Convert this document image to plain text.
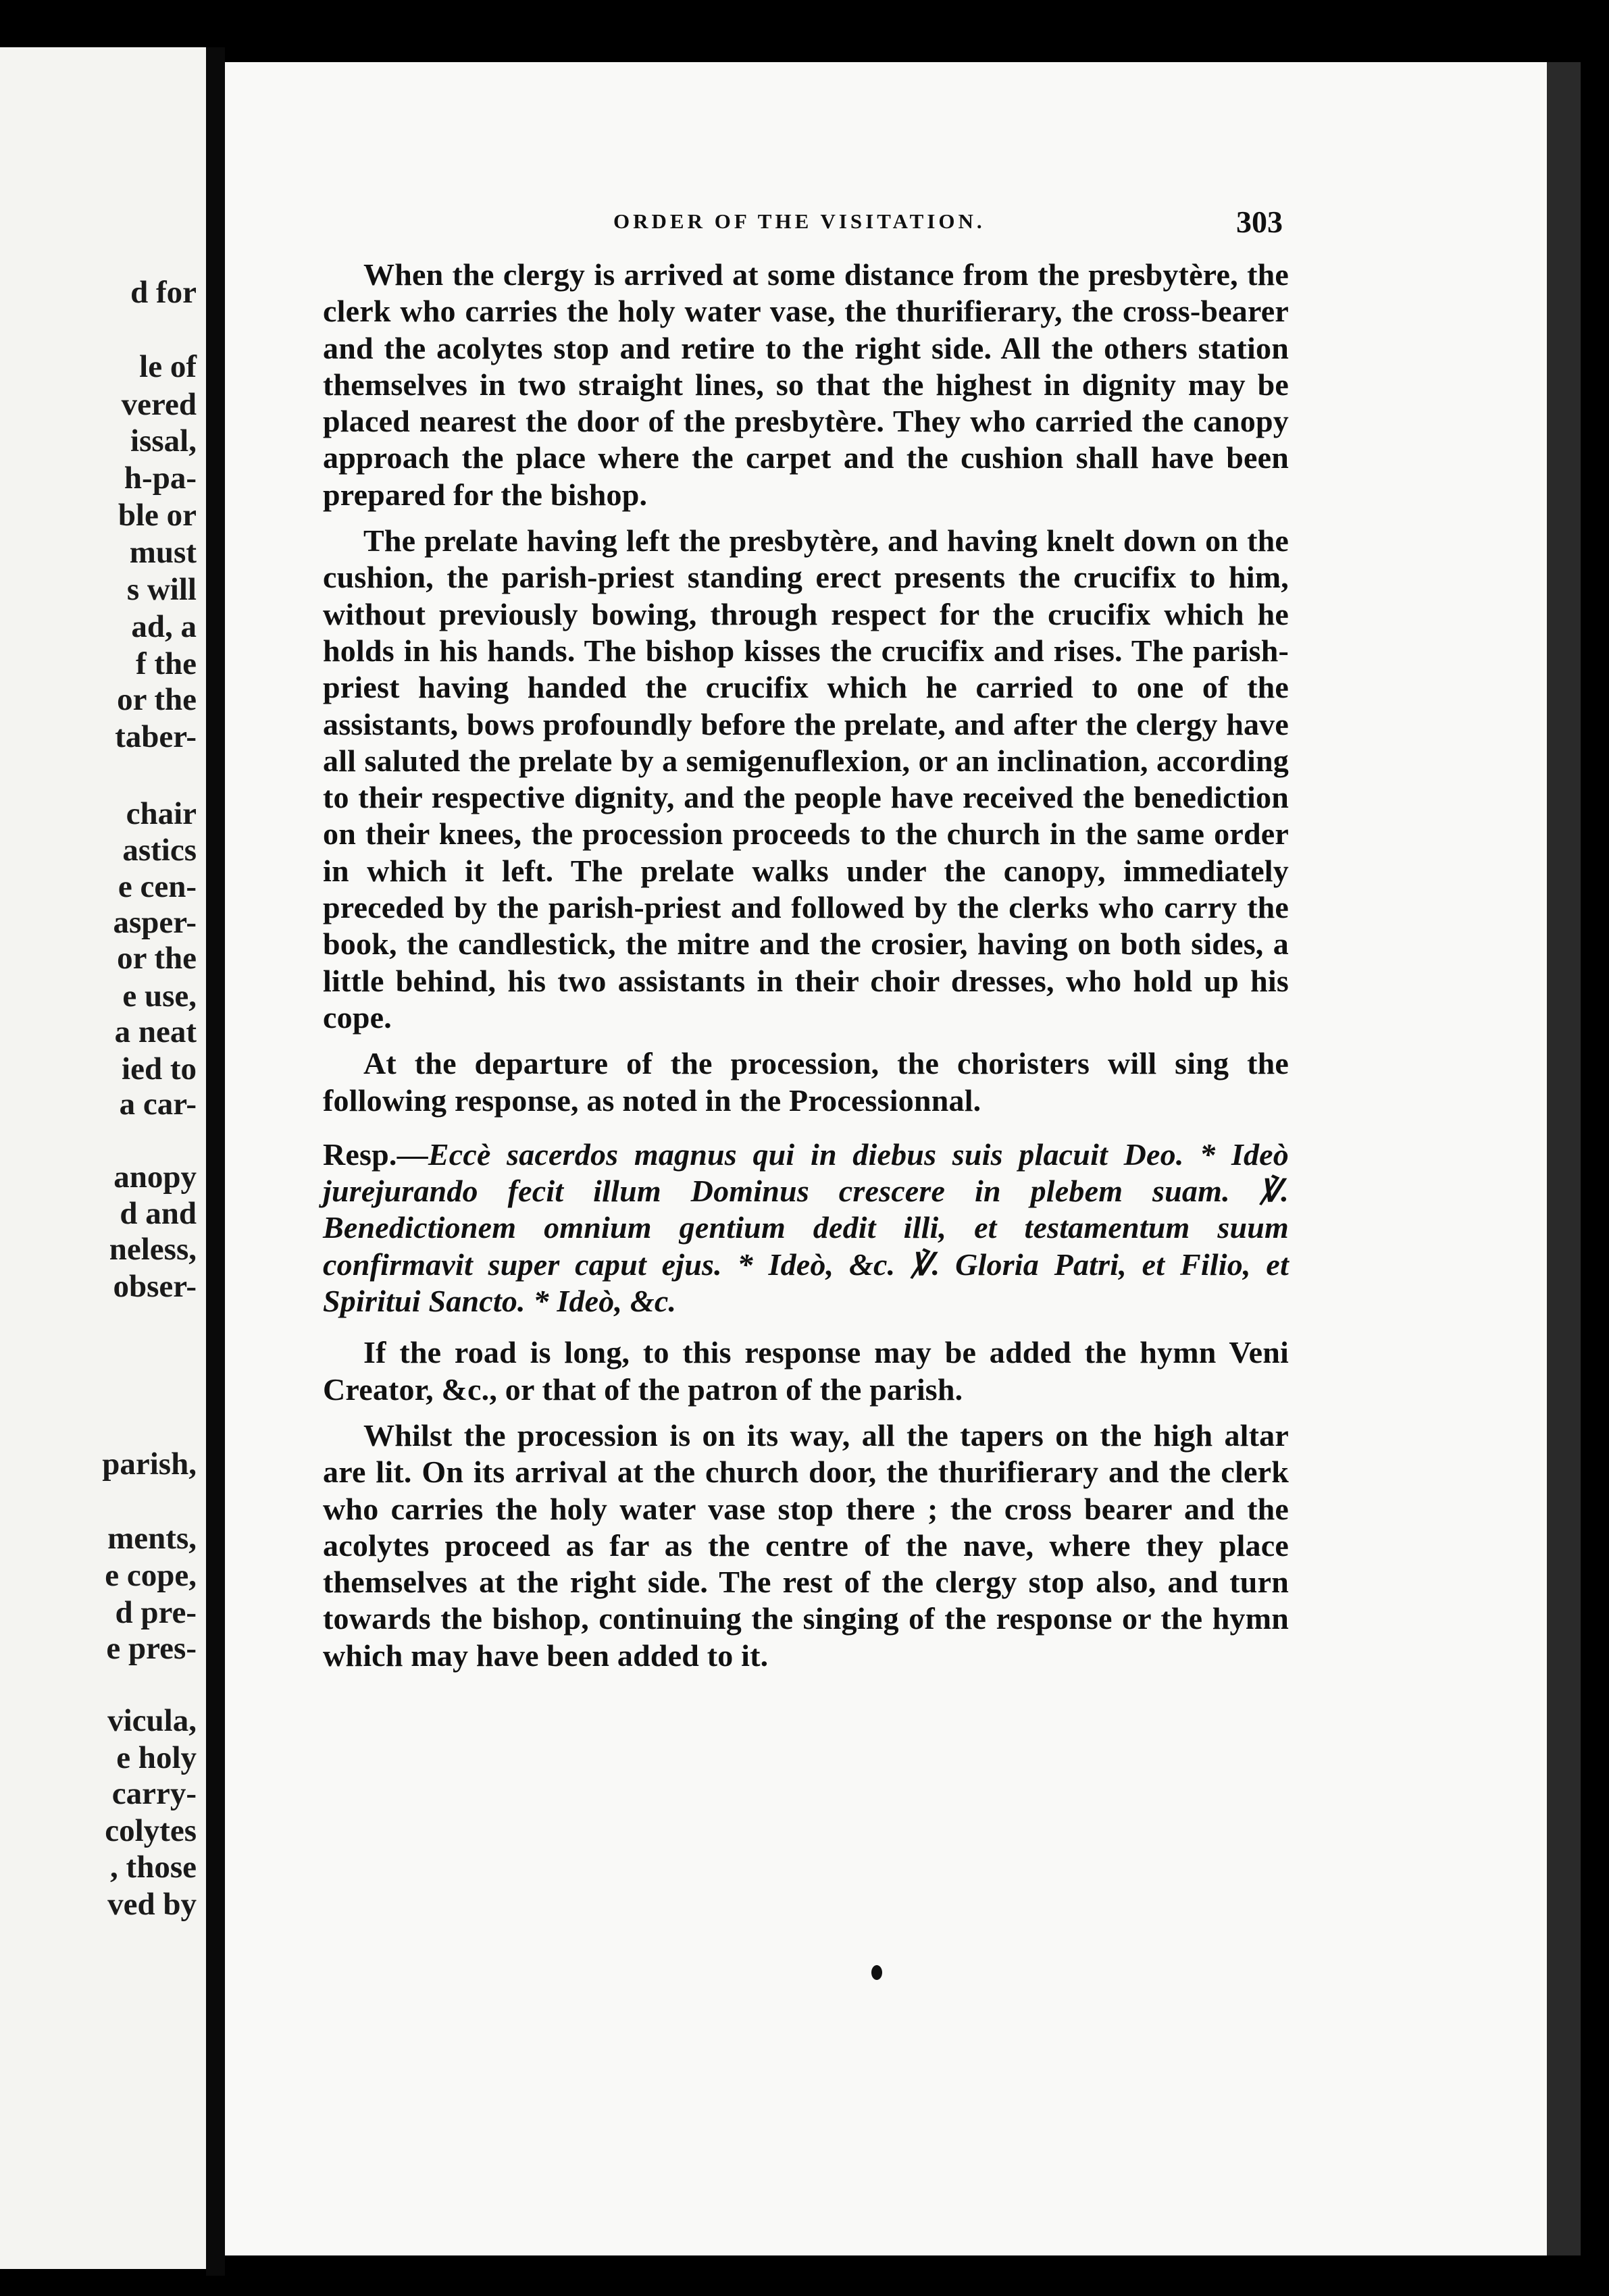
d for
le of
vered
issal,
h-pa-
ble or
must
s will
ad, a
f the
or the
taber-
chair
astics
e cen-
asper-
or the
e use,
a neat
ied to
a car-
anopy
d and
neless,
obser-
parish,
ments,
e cope,
d pre-
e pres-
vicula,
e holy
carry-
colytes
, those
ved by
ORDER OF THE VISITATION.	303

When the clergy is arrived at some distance from the presbytère, the clerk who carries the holy water vase, the thurifierary, the cross-bearer and the acolytes stop and retire to the right side. All the others station themselves in two straight lines, so that the highest in dignity may be placed nearest the door of the presbytère. They who carried the canopy approach the place where the carpet and the cushion shall have been prepared for the bishop.

The prelate having left the presbytère, and having knelt down on the cushion, the parish-priest standing erect presents the crucifix to him, without previously bowing, through respect for the crucifix which he holds in his hands. The bishop kisses the crucifix and rises. The parish-priest having handed the crucifix which he carried to one of the assistants, bows profoundly before the prelate, and after the clergy have all saluted the prelate by a semigenuflexion, or an inclination, according to their respective dignity, and the people have received the benediction on their knees, the procession proceeds to the church in the same order in which it left. The prelate walks under the canopy, immediately preceded by the parish-priest and followed by the clerks who carry the book, the candlestick, the mitre and the crosier, having on both sides, a little behind, his two assistants in their choir dresses, who hold up his cope.

At the departure of the procession, the choristers will sing the following response, as noted in the Processionnal.

Resp.—Eccè sacerdos magnus qui in diebus suis placuit Deo. * Ideò jurejurando fecit illum Dominus crescere in plebem suam. ℣. Benedictionem omnium gentium dedit illi, et testamentum suum confirmavit super caput ejus. * Ideò, &c. ℣. Gloria Patri, et Filio, et Spiritui Sancto. * Ideò, &c.

If the road is long, to this response may be added the hymn Veni Creator, &c., or that of the patron of the parish.

Whilst the procession is on its way, all the tapers on the high altar are lit. On its arrival at the church door, the thurifierary and the clerk who carries the holy water vase stop there ; the cross bearer and the acolytes proceed as far as the centre of the nave, where they place themselves at the right side. The rest of the clergy stop also, and turn towards the bishop, continuing the singing of the response or the hymn which may have been added to it.
